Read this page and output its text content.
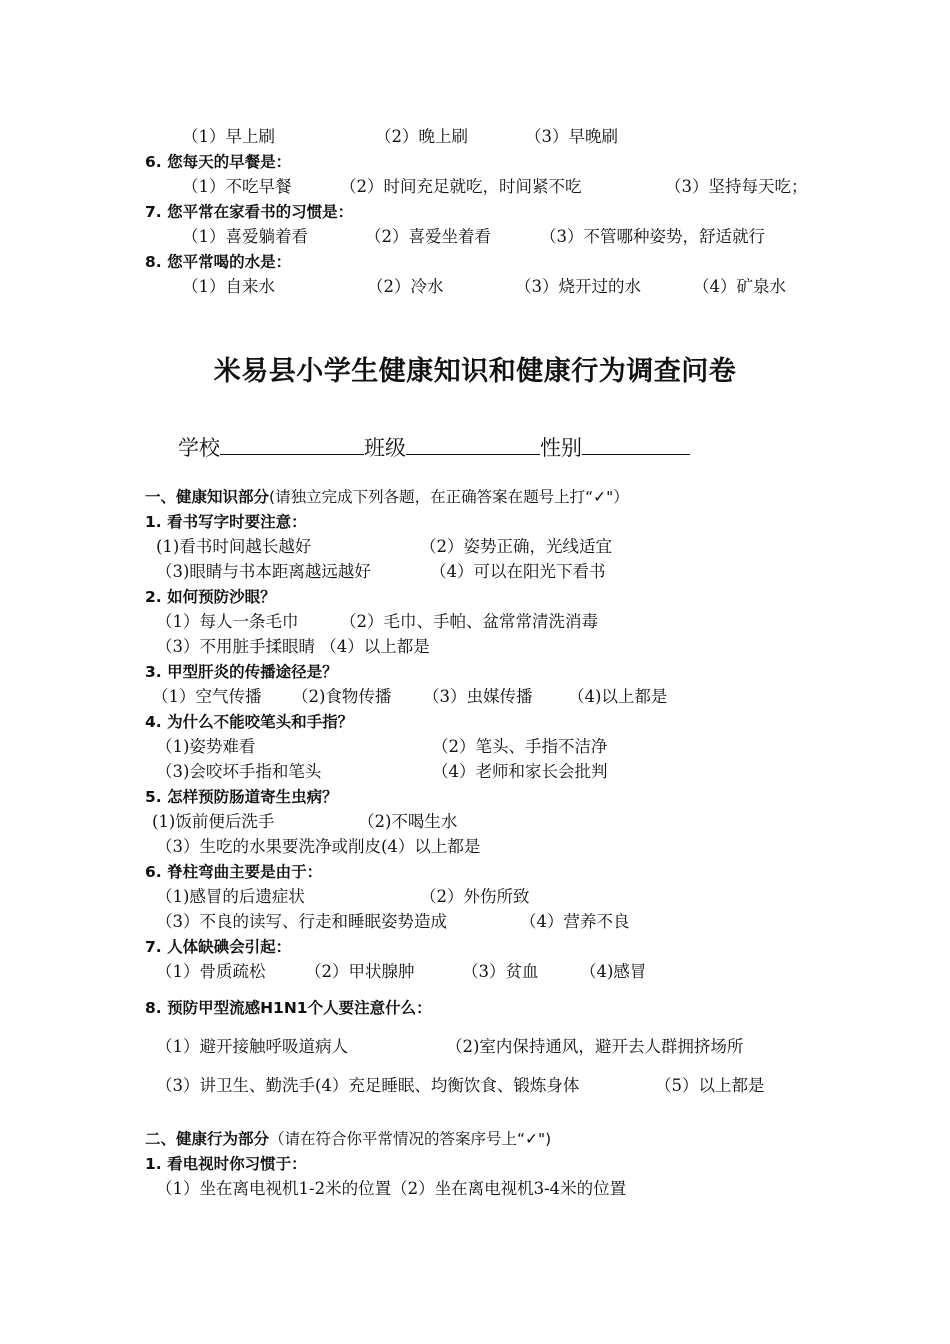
（1）早上刷	（2）晚上刷	（3）早晚刷
6. 您每天的早餐是：
（1）不吃早餐	（2）时间充足就吃，时间紧不吃	（3）坚持每天吃；
7. 您平常在家看书的习惯是：
（1）喜爱躺着看	（2）喜爱坐着看	（3）不管哪种姿势，舒适就行
8. 您平常喝的水是：
（1）自来水	（2）冷水	（3）烧开过的水	（4）矿泉水
米易县小学生健康知识和健康行为调查问卷
学校	班级	性别
一、健康知识部分(请独立完成下列各题，在正确答案在题号上打“✓"）
1. 看书写字时要注意：
(1)看书时间越长越好	（2）姿势正确，光线适宜
（3)眼睛与书本距离越远越好	（4）可以在阳光下看书
2. 如何预防沙眼？
（1）每人一条毛巾	（2）毛巾、手帕、盆常常清洗消毒
（3）不用脏手揉眼睛 （4）以上都是
3. 甲型肝炎的传播途径是？
（1）空气传播 （2)食物传播 （3）虫媒传播 （4)以上都是
4. 为什么不能咬笔头和手指？
（1)姿势难看	（2）笔头、手指不洁净
（3)会咬坏手指和笔头	（4）老师和家长会批判
5. 怎样预防肠道寄生虫病？
(1)饭前便后洗手	（2)不喝生水
（3）生吃的水果要洗净或削皮(4）以上都是
6. 脊柱弯曲主要是由于：
（1)感冒的后遗症状	（2）外伤所致
（3）不良的读写、行走和睡眠姿势造成	（4）营养不良
7. 人体缺碘会引起：
（1）骨质疏松 （2）甲状腺肿	（3）贫血	（4)感冒
8. 预防甲型流感H1N1个人要注意什么：
（1）避开接触呼吸道病人	（2)室内保持通风，避开去人群拥挤场所
（3）讲卫生、勤洗手(4）充足睡眠、均衡饮食、锻炼身体	（5）以上都是
二、健康行为部分（请在符合你平常情况的答案序号上“✓")
1. 看电视时你习惯于：
（1）坐在离电视机1-2米的位置（2）坐在离电视机3-4米的位置
